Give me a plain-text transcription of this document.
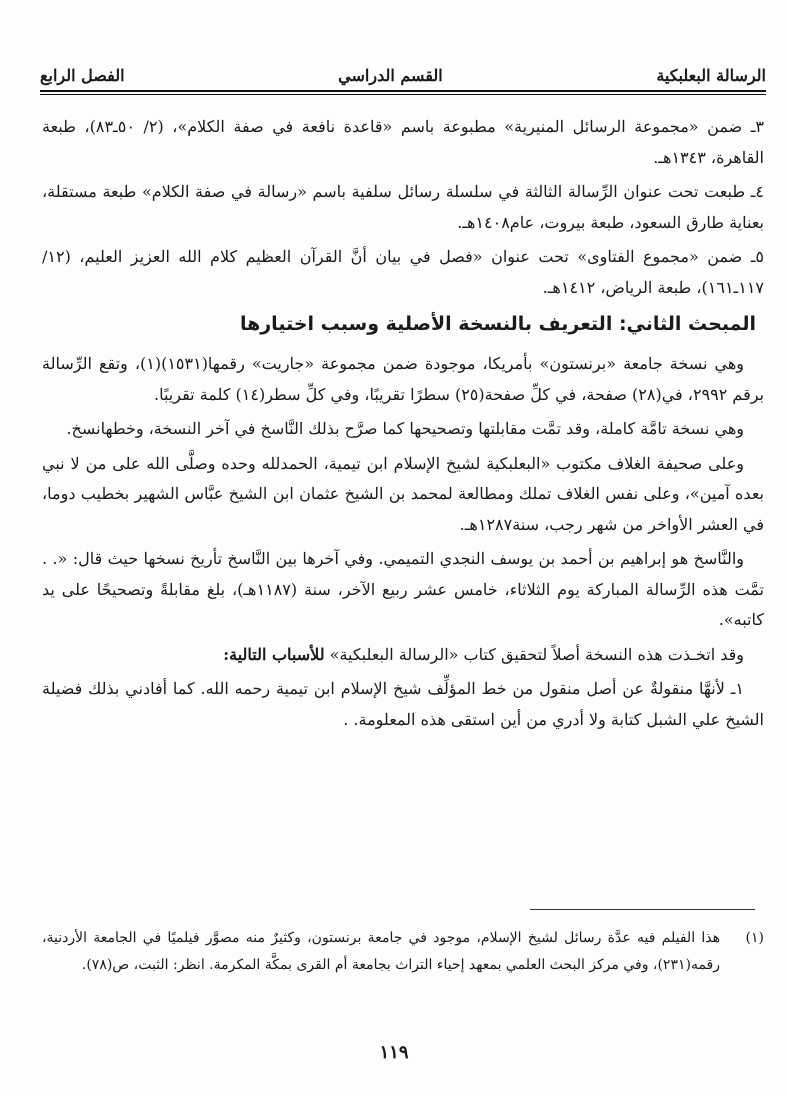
الرسالة البعلبكية
القسم الدراسي
الفصل الرابع

٣ـ ضمن «مجموعة الرسائل المنيرية» مطبوعة باسم «قاعدة نافعة في صفة الكلام»، (٢/ ٥٠ـ٨٣)، طبعة القاهرة، ١٣٤٣هـ.

٤ـ طبعت تحت عنوان الرِّسالة الثالثة في سلسلة رسائل سلفية باسم «رسالة في صفة الكلام» طبعة مستقلة، بعناية طارق السعود، طبعة بيروت، عام١٤٠٨هـ.

٥ـ ضمن «مجموع الفتاوى» تحت عنوان «فصل في بيان أنَّ القرآن العظيم كلام الله العزيز العليم، (١٢/ ١١٧ـ١٦١)، طبعة الرياض، ١٤١٢هـ.

المبحث الثاني: التعريف بالنسخة الأصلية وسبب اختيارها

وهي نسخة جامعة «برنستون» بأمريكا، موجودة ضمن مجموعة «جاريت» رقمها(١٥٣١)(١)، وتقع الرِّسالة برقم ٢٩٩٢، في(٢٨) صفحة، في كلِّ صفحة(٢٥) سطرًا تقريبًا، وفي كلِّ سطر(١٤) كلمة تقريبًا.

وهي نسخة تامَّة كاملة، وقد تمَّت مقابلتها وتصحيحها كما صرَّح بذلك النَّاسخ في آخر النسخة، وخطهانسخ.

وعلى صحيفة الغلاف مكتوب «البعلبكية لشيخ الإسلام ابن تيمية، الحمدلله وحده وصلَّى الله على من لا نبي بعده آمين»، وعلى نفس الغلاف تملك ومطالعة لمحمد بن الشيخ عثمان ابن الشيخ عبَّاس الشهير بخطيب دوما، في العشر الأواخر من شهر رجب، سنة١٢٨٧هـ.

والنَّاسخ هو إبراهيم بن أحمد بن يوسف النجدي التميمي. وفي آخرها بين النَّاسخ تأريخ نسخها حيث قال: «. . تمَّت هذه الرِّسالة المباركة يوم الثلاثاء، خامس عشر ربيع الآخر، سنة (١١٨٧هـ)، بلغ مقابلةً وتصحيحًا على يد كاتبه».

وقد اتخـذت هذه النسخة أصلاً لتحقيق كتاب «الرسالة البعلبكية» للأسباب التالية:

١ـ لأنهَّا منقولةٌ عن أصل منقول من خط المؤلِّف شيخ الإسلام ابن تيمية رحمه الله. كما أفادني بذلك فضيلة الشيخ علي الشبل كتابة ولا أدري من أين استقى هذه المعلومة. .

(١)
هذا الفيلم فيه عدَّة رسائل لشيخ الإسلام، موجود في جامعة برنستون، وكثيرٌ منه مصوَّر فيلميًا في الجامعة الأردنية، رقمه(٢٣١)، وفي مركز البحث العلمي بمعهد إحياء التراث بجامعة أم القرى بمكَّة المكرمة. انظر: الثبت، ص(٧٨).
١١٩
